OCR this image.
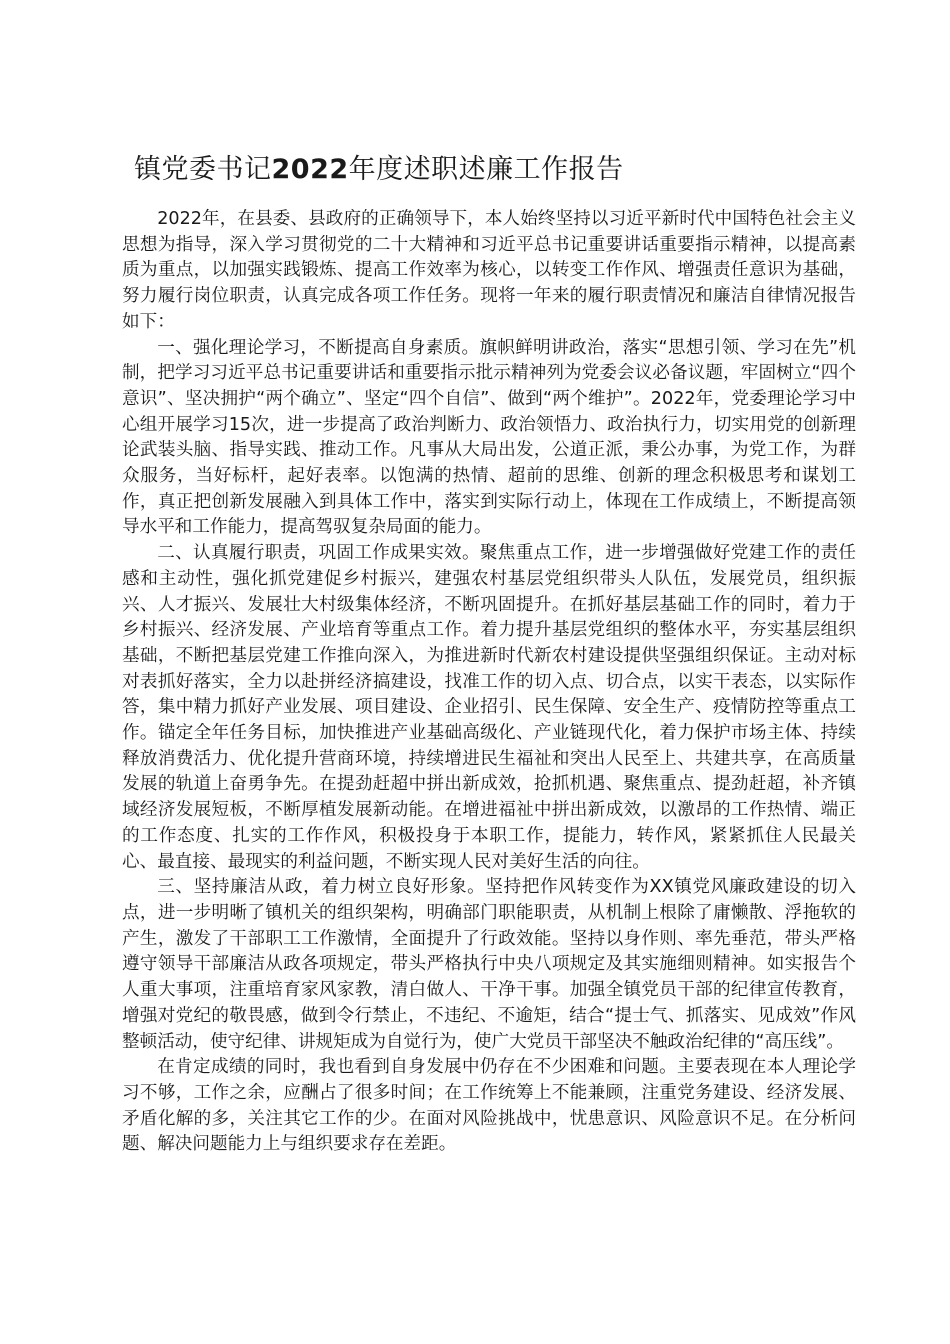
镇党委书记2022年度述职述廉工作报告

2022年，在县委、县政府的正确领导下，本人始终坚持以习近平新时代中国特色社会主义思想为指导，深入学习贯彻党的二十大精神和习近平总书记重要讲话重要指示精神，以提高素质为重点，以加强实践锻炼、提高工作效率为核心，以转变工作作风、增强责任意识为基础，努力履行岗位职责，认真完成各项工作任务。现将一年来的履行职责情况和廉洁自律情况报告如下：

一、强化理论学习，不断提高自身素质。旗帜鲜明讲政治，落实“思想引领、学习在先”机制，把学习习近平总书记重要讲话和重要指示批示精神列为党委会议必备议题，牢固树立“四个意识”、坚决拥护“两个确立”、坚定“四个自信”、做到“两个维护”。2022年，党委理论学习中心组开展学习15次，进一步提高了政治判断力、政治领悟力、政治执行力，切实用党的创新理论武装头脑、指导实践、推动工作。凡事从大局出发，公道正派，秉公办事，为党工作，为群众服务，当好标杆，起好表率。以饱满的热情、超前的思维、创新的理念积极思考和谋划工作，真正把创新发展融入到具体工作中，落实到实际行动上，体现在工作成绩上，不断提高领导水平和工作能力，提高驾驭复杂局面的能力。

二、认真履行职责，巩固工作成果实效。聚焦重点工作，进一步增强做好党建工作的责任感和主动性，强化抓党建促乡村振兴，建强农村基层党组织带头人队伍，发展党员，组织振兴、人才振兴、发展壮大村级集体经济，不断巩固提升。在抓好基层基础工作的同时，着力于乡村振兴、经济发展、产业培育等重点工作。着力提升基层党组织的整体水平，夯实基层组织基础，不断把基层党建工作推向深入，为推进新时代新农村建设提供坚强组织保证。主动对标对表抓好落实，全力以赴拼经济搞建设，找准工作的切入点、切合点，以实干表态，以实际作答，集中精力抓好产业发展、项目建设、企业招引、民生保障、安全生产、疫情防控等重点工作。锚定全年任务目标，加快推进产业基础高级化、产业链现代化，着力保护市场主体、持续释放消费活力、优化提升营商环境，持续增进民生福祉和突出人民至上、共建共享，在高质量发展的轨道上奋勇争先。在提劲赶超中拼出新成效，抢抓机遇、聚焦重点、提劲赶超，补齐镇域经济发展短板，不断厚植发展新动能。在增进福祉中拼出新成效，以激昂的工作热情、端正的工作态度、扎实的工作作风，积极投身于本职工作，提能力，转作风，紧紧抓住人民最关心、最直接、最现实的利益问题，不断实现人民对美好生活的向往。

三、坚持廉洁从政，着力树立良好形象。坚持把作风转变作为XX镇党风廉政建设的切入点，进一步明晰了镇机关的组织架构，明确部门职能职责，从机制上根除了庸懒散、浮拖软的产生，激发了干部职工工作激情，全面提升了行政效能。坚持以身作则、率先垂范，带头严格遵守领导干部廉洁从政各项规定，带头严格执行中央八项规定及其实施细则精神。如实报告个人重大事项，注重培育家风家教，清白做人、干净干事。加强全镇党员干部的纪律宣传教育，增强对党纪的敬畏感，做到令行禁止，不违纪、不逾矩，结合“提士气、抓落实、见成效”作风整顿活动，使守纪律、讲规矩成为自觉行为，使广大党员干部坚决不触政治纪律的“高压线”。

在肯定成绩的同时，我也看到自身发展中仍存在不少困难和问题。主要表现在本人理论学习不够，工作之余，应酬占了很多时间；在工作统筹上不能兼顾，注重党务建设、经济发展、矛盾化解的多，关注其它工作的少。在面对风险挑战中，忧患意识、风险意识不足。在分析问题、解决问题能力上与组织要求存在差距。
